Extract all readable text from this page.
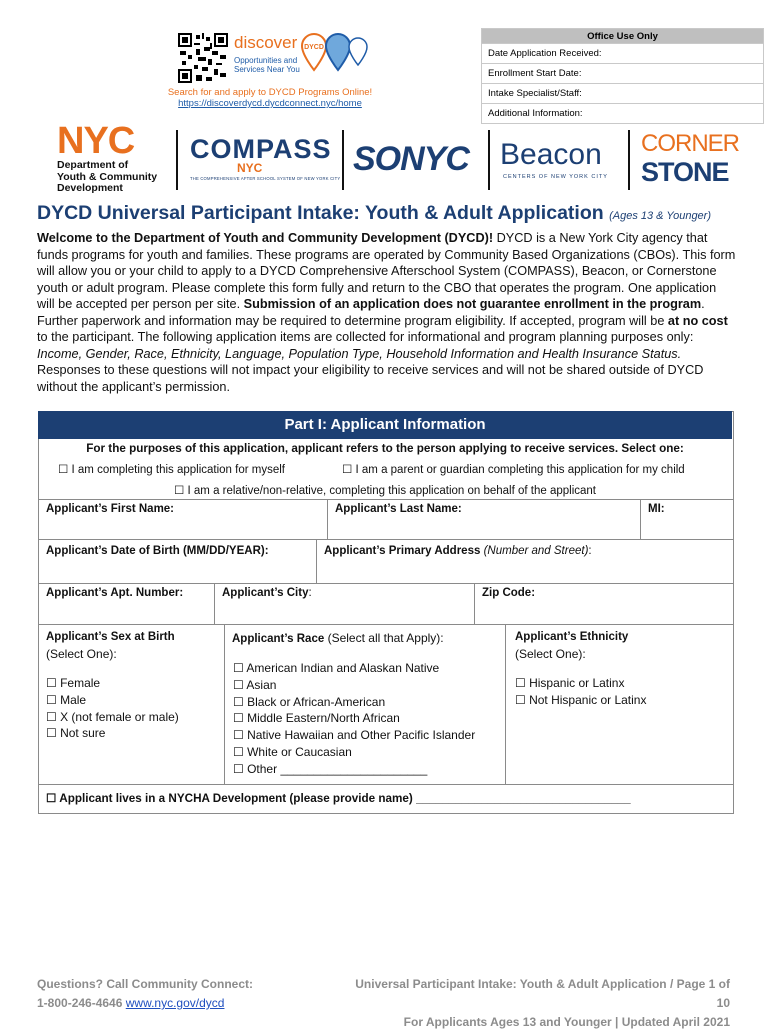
discover
Opportunities and
Services Near You
DYCD
Search for and apply to DYCD Programs Online!
https://discoverdycd.dycdconnect.nyc/home
Office Use Only
Date Application Received:
Enrollment Start Date:
Intake Specialist/Staff:
Additional Information:
NYC
Department of
Youth & Community
Development
COMPASS
NYC
THE COMPREHENSIVE AFTER SCHOOL SYSTEM OF NEW YORK CITY
SONYC Beacon
CENTERS OF NEW YORK CITY
CORNER
STONE
DYCD Universal Participant Intake: Youth & Adult Application (Ages 13 & Younger)
Welcome to the Department of Youth and Community Development (DYCD)! DYCD is a New York City agency that funds programs for youth and families. These programs are operated by Community Based Organizations (CBOs). This form will allow you or your child to apply to a DYCD Comprehensive Afterschool System (COMPASS), Beacon, or Cornerstone youth or adult program. Please complete this form fully and return to the CBO that operates the program. One application will be accepted per person per site. Submission of an application does not guarantee enrollment in the program. Further paperwork and information may be required to determine program eligibility. If accepted, program will be at no cost to the participant. The following application items are collected for informational and program planning purposes only: Income, Gender, Race, Ethnicity, Language, Population Type, Household Information and Health Insurance Status. Responses to these questions will not impact your eligibility to receive services and will not be shared outside of DYCD without the applicant’s permission.
Part I: Applicant Information
For the purposes of this application, applicant refers to the person applying to receive services. Select one:
☐ I am completing this application for myself	☐ I am a parent or guardian completing this application for my child
☐ I am a relative/non-relative, completing this application on behalf of the applicant
Applicant’s First Name:	Applicant’s Last Name:	MI:
Applicant’s Date of Birth (MM/DD/YEAR):	Applicant’s Primary Address (Number and Street):
Applicant’s Apt. Number:	Applicant’s City:	Zip Code:
Applicant’s Sex at Birth
(Select One):
☐ Female
☐ Male
☐ X (not female or male)
☐ Not sure
Applicant’s Race (Select all that Apply):
☐ American Indian and Alaskan Native
☐ Asian
☐ Black or African-American
☐ Middle Eastern/North African
☐ Native Hawaiian and Other Pacific Islander
☐ White or Caucasian
☐ Other ______________________
Applicant’s Ethnicity
(Select One):
☐ Hispanic or Latinx
☐ Not Hispanic or Latinx
☐ Applicant lives in a NYCHA Development (please provide name) _________________________________
Questions? Call Community Connect:
1-800-246-4646 www.nyc.gov/dycd
Universal Participant Intake: Youth & Adult Application / Page 1 of 10
For Applicants Ages 13 and Younger | Updated April 2021
